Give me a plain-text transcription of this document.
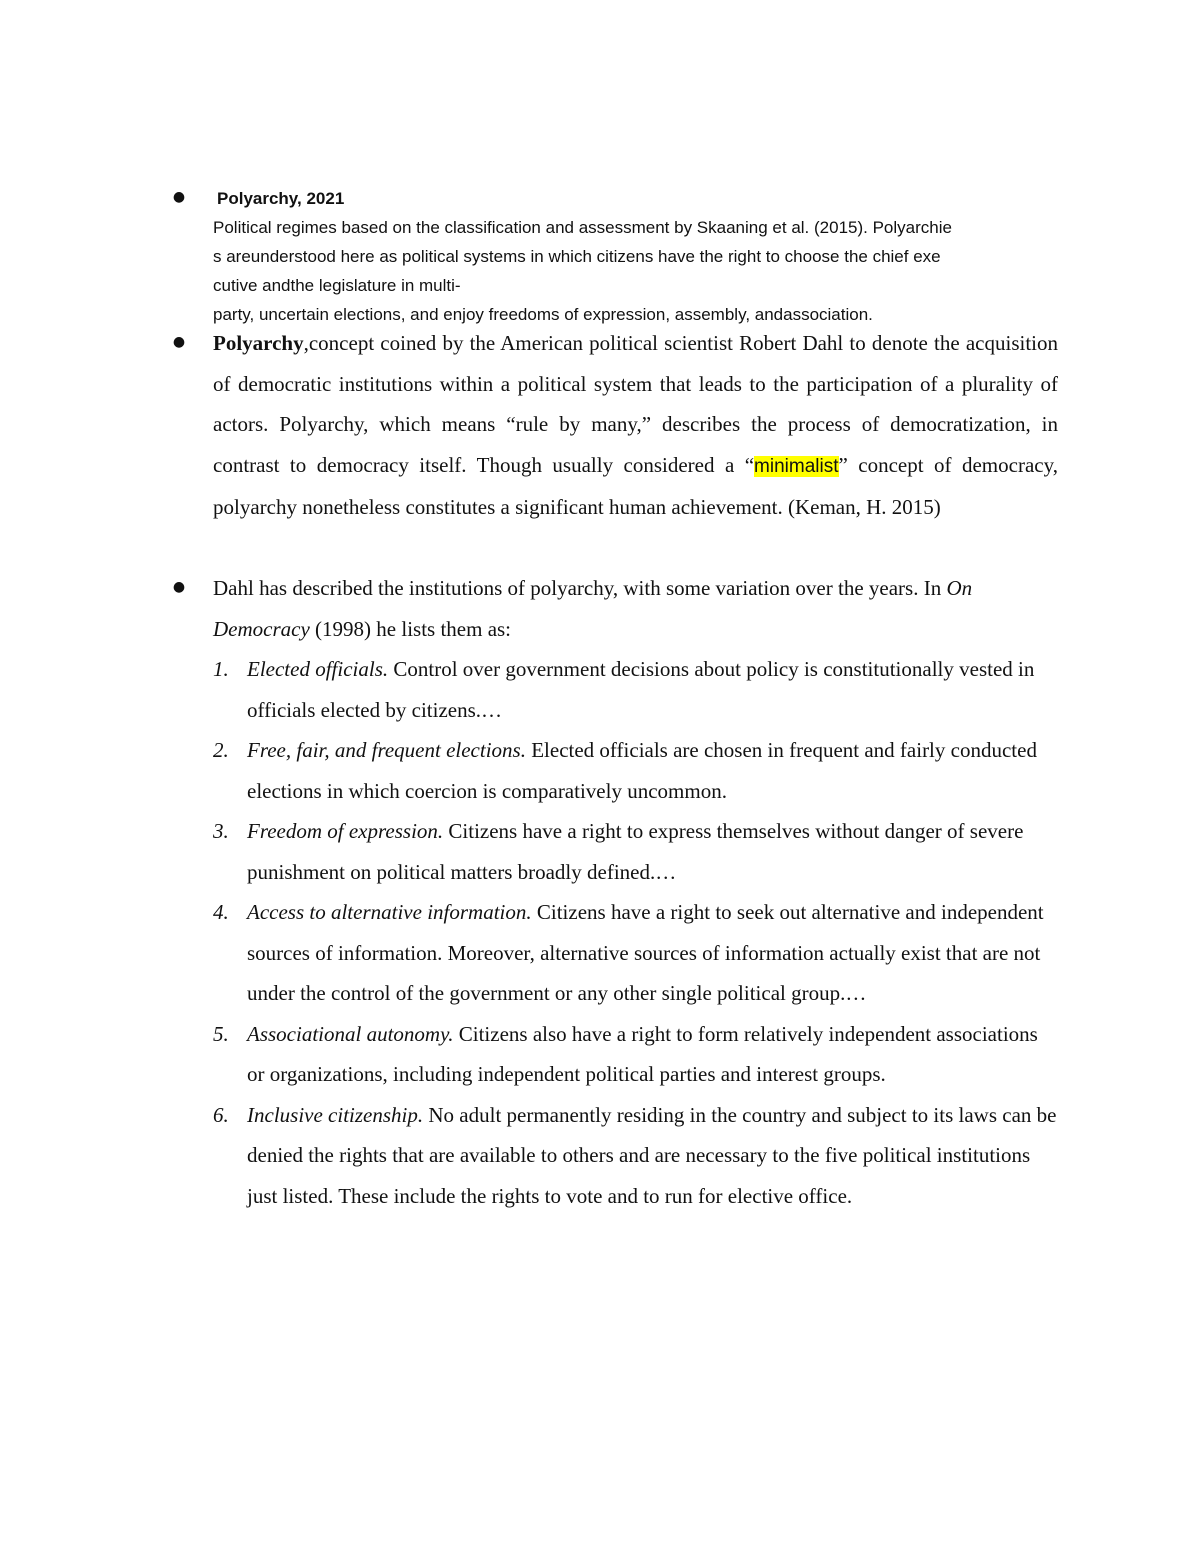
● Polyarchy, 2021

Political regimes based on the classification and assessment by Skaaning et al. (2015). Polyarchie

s areunderstood here as political systems in which citizens have the right to choose the chief exe

cutive andthe legislature in multi-

party, uncertain elections, and enjoy freedoms of expression, assembly, andassociation.

● Polyarchy,concept coined by the American political scientist Robert Dahl to denote the acquisition of democratic institutions within a political system that leads to the participation of a plurality of actors. Polyarchy, which means “rule by many,” describes the process of democratization, in contrast to democracy itself. Though usually considered a “minimalist” concept of democracy, polyarchy nonetheless constitutes a significant human achievement. (Keman, H. 2015)

● Dahl has described the institutions of polyarchy, with some variation over the years. In On Democracy (1998) he lists them as:

1. Elected officials. Control over government decisions about policy is constitutionally vested in officials elected by citizens.…
2. Free, fair, and frequent elections. Elected officials are chosen in frequent and fairly conducted elections in which coercion is comparatively uncommon.
3. Freedom of expression. Citizens have a right to express themselves without danger of severe punishment on political matters broadly defined.…
4. Access to alternative information. Citizens have a right to seek out alternative and independent sources of information. Moreover, alternative sources of information actually exist that are not under the control of the government or any other single political group.…
5. Associational autonomy. Citizens also have a right to form relatively independent associations or organizations, including independent political parties and interest groups.
6. Inclusive citizenship. No adult permanently residing in the country and subject to its laws can be denied the rights that are available to others and are necessary to the five political institutions just listed. These include the rights to vote and to run for elective office.
